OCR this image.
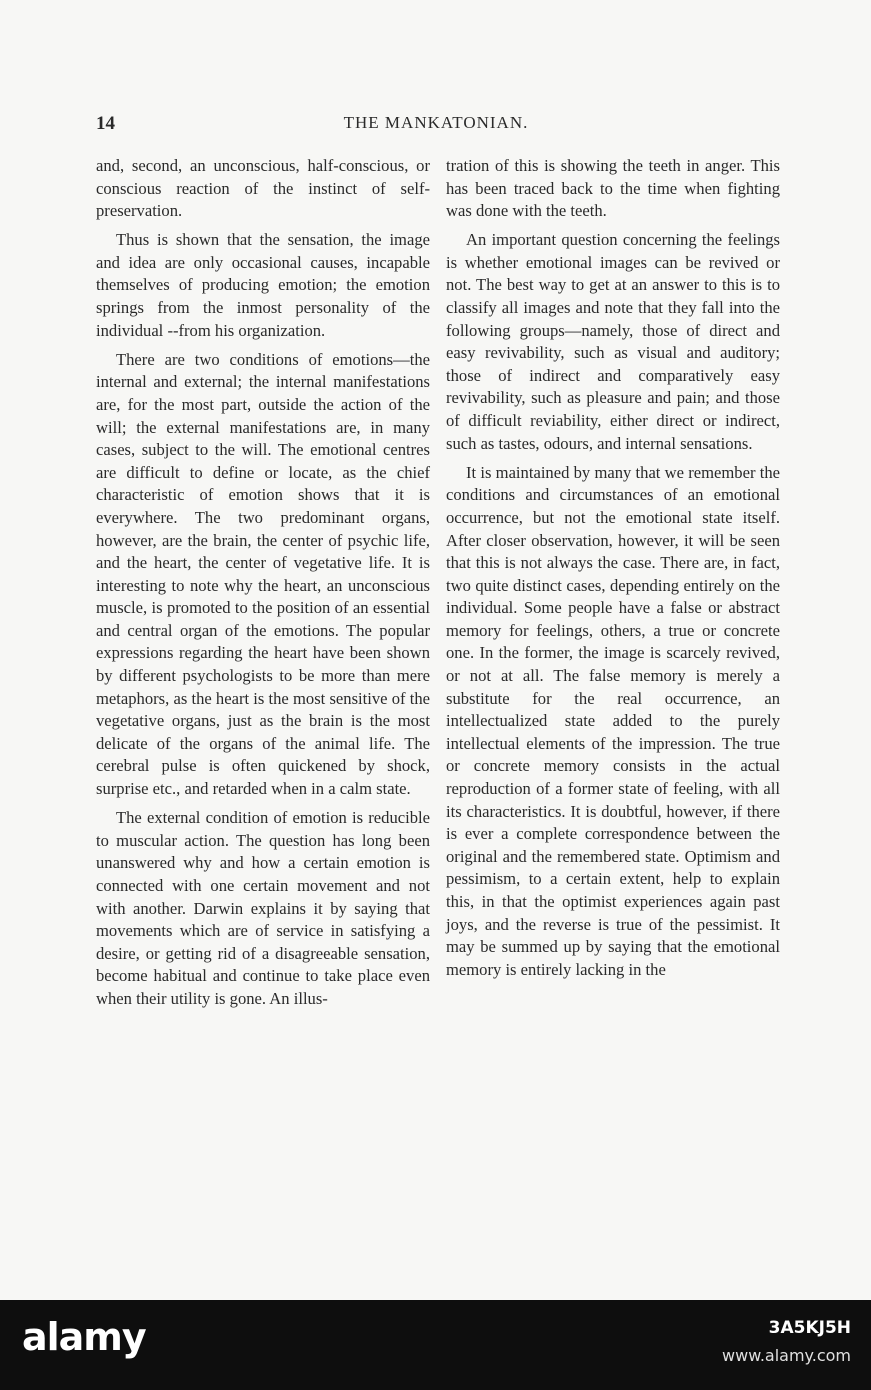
14	THE MANKATONIAN.

and, second, an unconscious, half-conscious, or conscious reaction of the instinct of self-preservation.

Thus is shown that the sensation, the image and idea are only occasional causes, incapable themselves of producing emotion; the emotion springs from the inmost personality of the individual --from his organization.

There are two conditions of emotions—the internal and external; the internal manifestations are, for the most part, outside the action of the will; the external manifestations are, in many cases, subject to the will. The emotional centres are difficult to define or locate, as the chief characteristic of emotion shows that it is everywhere. The two predominant organs, however, are the brain, the center of psychic life, and the heart, the center of vegetative life. It is interesting to note why the heart, an unconscious muscle, is promoted to the position of an essential and central organ of the emotions. The popular expressions regarding the heart have been shown by different psychologists to be more than mere metaphors, as the heart is the most sensitive of the vegetative organs, just as the brain is the most delicate of the organs of the animal life. The cerebral pulse is often quickened by shock, surprise etc., and retarded when in a calm state.

The external condition of emotion is reducible to muscular action. The question has long been unanswered why and how a certain emotion is connected with one certain movement and not with another. Darwin explains it by saying that movements which are of service in satisfying a desire, or getting rid of a disagreeable sensation, become habitual and continue to take place even when their utility is gone. An illus-

tration of this is showing the teeth in anger. This has been traced back to the time when fighting was done with the teeth.

An important question concerning the feelings is whether emotional images can be revived or not. The best way to get at an answer to this is to classify all images and note that they fall into the following groups—namely, those of direct and easy revivability, such as visual and auditory; those of indirect and comparatively easy revivability, such as pleasure and pain; and those of difficult reviability, either direct or indirect, such as tastes, odours, and internal sensations.

It is maintained by many that we remember the conditions and circumstances of an emotional occurrence, but not the emotional state itself. After closer observation, however, it will be seen that this is not always the case. There are, in fact, two quite distinct cases, depending entirely on the individual. Some people have a false or abstract memory for feelings, others, a true or concrete one. In the former, the image is scarcely revived, or not at all. The false memory is merely a substitute for the real occurrence, an intellectualized state added to the purely intellectual elements of the impression. The true or concrete memory consists in the actual reproduction of a former state of feeling, with all its characteristics. It is doubtful, however, if there is ever a complete correspondence between the original and the remembered state. Optimism and pessimism, to a certain extent, help to explain this, in that the optimist experiences again past joys, and the reverse is true of the pessimist. It may be summed up by saying that the emotional memory is entirely lacking in the

alamy	3A5KJ5H
www.alamy.com
